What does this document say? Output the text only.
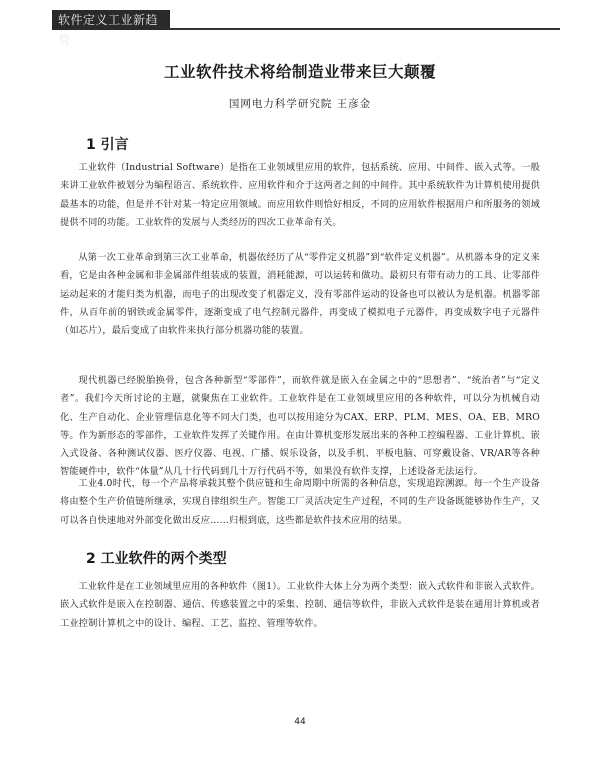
软件定义工业新趋势
工业软件技术将给制造业带来巨大颠覆
国网电力科学研究院 王彦金
1 引言

工业软件（Industrial Software）是指在工业领域里应用的软件，包括系统、应用、中间件、嵌入式等。一般来讲工业软件被划分为编程语言、系统软件、应用软件和介于这两者之间的中间件。其中系统软件为计算机使用提供最基本的功能，但是并不针对某一特定应用领域。而应用软件则恰好相反，不同的应用软件根据用户和所服务的领域提供不同的功能。工业软件的发展与人类经历的四次工业革命有关。

从第一次工业革命到第三次工业革命，机器依经历了从“零件定义机器”到“软件定义机器”。从机器本身的定义来看，它是由各种金属和非金属部件组装成的装置，消耗能源，可以运转和做功。最初只有带有动力的工具、让零部件运动起来的才能归类为机器，而电子的出现改变了机器定义，没有零部件运动的设备也可以被认为是机器。机器零部件，从百年前的钢铁或金属零件，逐渐变成了电气控制元器件，再变成了模拟电子元器件，再变成数字电子元器件（如芯片），最后变成了由软件来执行部分机器功能的装置。

现代机器已经脱胎换骨，包含各种新型“零部件”，而软件就是嵌入在金属之中的“思想者”、“统治者”与“定义者”。我们今天所讨论的主题，就聚焦在工业软件。工业软件是在工业领域里应用的各种软件，可以分为机械自动化、生产自动化、企业管理信息化等不同大门类，也可以按用途分为CAX、ERP、PLM、MES、OA、EB、MRO等。作为新形态的零部件，工业软件发挥了关键作用。在由计算机变形发展出来的各种工控编程器、工业计算机、嵌入式设备、各种测试仪器、医疗仪器、电视、广播、娱乐设备，以及手机、平板电脑、可穿戴设备、VR/AR等各种智能硬件中，软件“体量”从几十行代码到几十万行代码不等，如果没有软件支撑，上述设备无法运行。

工业4.0时代，每一个产品将承载其整个供应链和生命周期中所需的各种信息，实现追踪溯源。每一个生产设备将由整个生产价值链所继承，实现自律组织生产。智能工厂灵活决定生产过程，不同的生产设备既能够协作生产，又可以各自快速地对外部变化做出反应……归根到底，这些都是软件技术应用的结果。

2 工业软件的两个类型

工业软件是在工业领域里应用的各种软件（图1）。工业软件大体上分为两个类型：嵌入式软件和非嵌入式软件。嵌入式软件是嵌入在控制器、通信、传感装置之中的采集、控制、通信等软件，非嵌入式软件是装在通用计算机或者工业控制计算机之中的设计、编程、工艺、监控、管理等软件。

44
